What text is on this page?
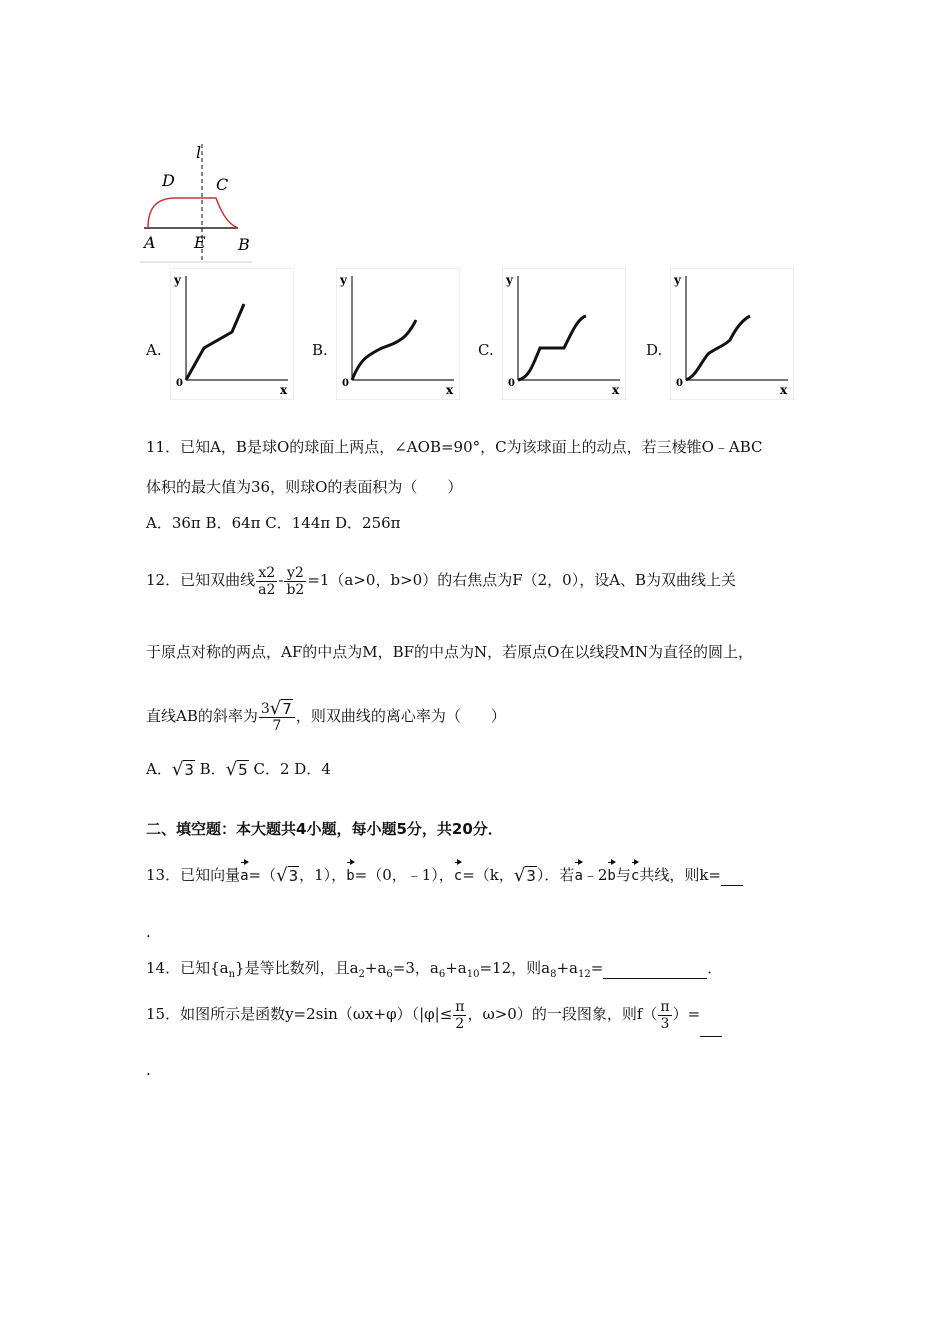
l
D	C
A E B
A.
y
0	x
B.
y
0	x
C.
y
0	x
D.
y
0	x
11．已知A，B是球O的球面上两点，∠AOB=90°，C为该球面上的动点，若三棱锥O﹣ABC
体积的最大值为36，则球O的表面积为（　　）
A．36π B．64π C．144π D．256π
12．已知双曲线 $\frac{x2}{a2} - \frac{y2}{b2} =1(a>0$，b>0）的右焦点为F（2，0），设A、B为双曲线上关
于原点对称的两点，AF的中点为M，BF的中点为N，若原点O在以线段MN为直径的圆上，
直线AB的斜率为 $\frac{3√7}{7}$ ，则双曲线的离心率为（　　）
A．√3 B．√5 C．2 D．4
二、填空题：本大题共4小题，每小题5分，共20分．
13．已知向量a=（√3，1），b=（0，﹣1），c=（k，√3）．若a﹣2b与c共线，则k=
.
14．已知$\{a_n\}$是等比数列，且$a_2+a_6=3$，$a_6+a_{10}=12$，则$a_8+a_{12}=$	．
15．如图所示是函数$y=2\sin(\omega x+\varphi)(|\varphi|\le \frac{\pi}{2}$ ，ω>0）的一段图象，则$f( \frac{\pi}{3}$ ）=
.
